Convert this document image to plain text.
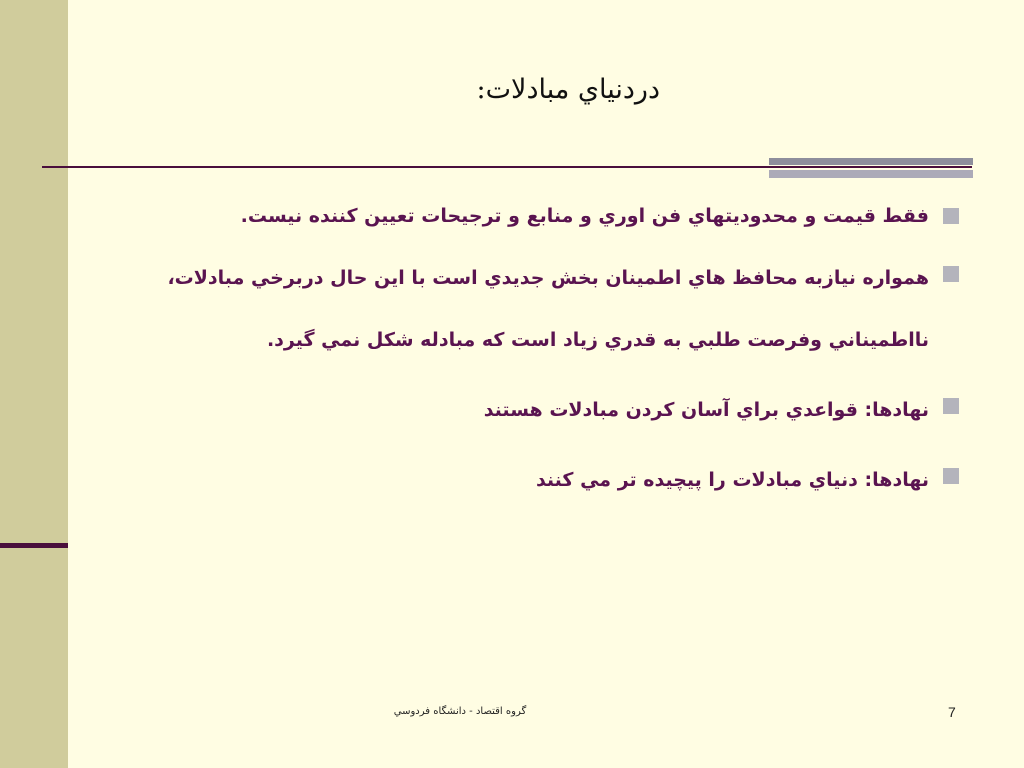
دردنياي مبادلات:
فقط قيمت و محدوديتهاي فن اوري و منابع و ترجيحات تعيين كننده نيست.
همواره نيازبه محافظ هاي اطمينان بخش جديدي است با اين حال دربرخي مبادلات، نااطميناني وفرصت طلبي به قدري زياد است كه مبادله شكل نمي گيرد.
نهادها: قواعدي براي آسان كردن مبادلات هستند
نهادها: دنياي مبادلات را پيچيده تر مي كنند
گروه اقتصاد - دانشگاه فردوسي	7
